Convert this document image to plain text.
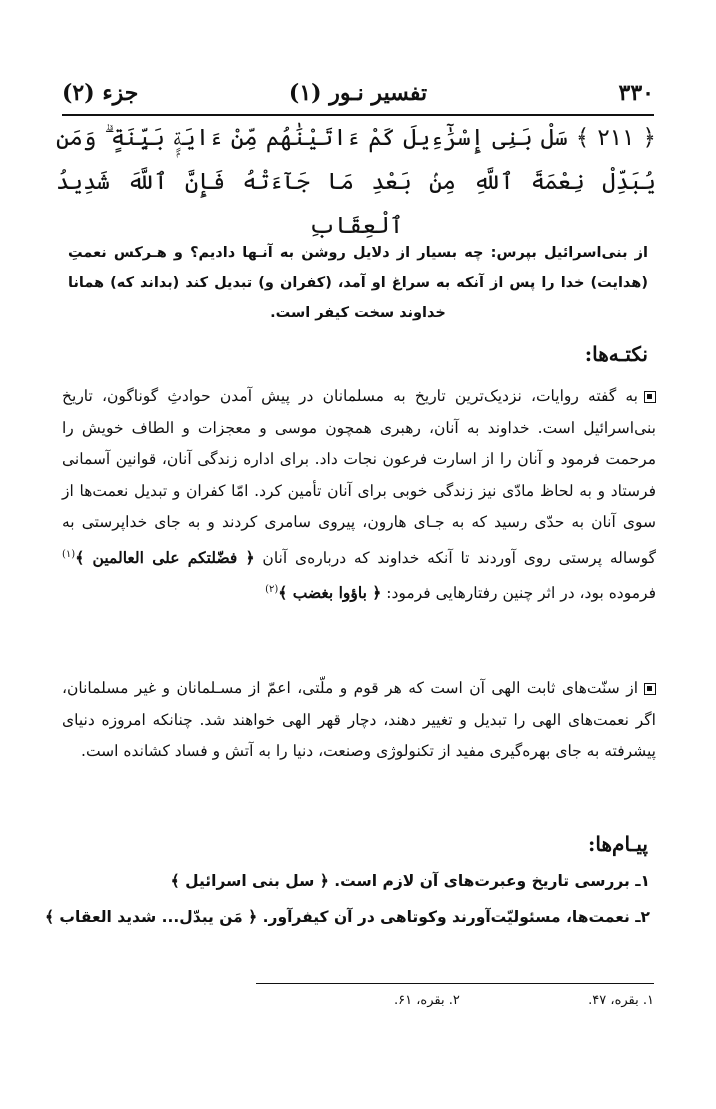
۳۳۰
تفسیر نـور (۱)
جزء (۲)
﴿ ۲۱۱ ﴾ سَلْ بَنِى إِسْرَٰٓءِيلَ كَمْ ءَاتَيْنَٰهُم مِّنْ ءَايَةٍۭ بَيِّنَةٍ ۗ وَمَن يُبَدِّلْ نِعْمَةَ ٱللَّهِ مِنۢ بَعْدِ مَا جَآءَتْهُ فَإِنَّ ٱللَّهَ شَدِيدُ ٱلْعِقَابِ
از بنی‌اسرائیل بپرس: چه بسیار از دلایل روشن به آنـها دادیم؟ و هـرکس نعمتِ (هدایت) خدا را پس از آنکه به سراغ او آمد، (کفران و) تبدیل کند (بداند که) همانا خداوند سخت کیفر است.
نکتـه‌ها:
به گفته روایات، نزدیک‌ترین تاریخ به مسلمانان در پیش آمدن حوادثِ گوناگون، تاریخ بنی‌اسرائیل است. خداوند به آنان، رهبری همچون موسی و معجزات و الطاف خویش را مرحمت فرمود و آنان را از اسارت فرعون نجات داد. برای اداره زندگی آنان، قوانین آسمانی فرستاد و به لحاظ مادّی نیز زندگی خوبی برای آنان تأمین کرد. امّا کفران و تبدیل نعمت‌ها از سوی آنان به حدّی رسید که به جـای هارون، پیروی سامری کردند و به جای خداپرستی به گوساله پرستی روی آوردند تا آنکه خداوند که درباره‌ی آنان ﴿ فضّلتکم علی العالمین ﴾$^{(۱)}$ فرموده بود، در اثر چنین رفتارهایی فرمود: ﴿ باؤوا بغضب ﴾$^{(۲)}$
از سنّت‌های ثابت الهی آن است که هر قوم و ملّتی، اعمّ از مسـلمانان و غیر مسلمانان، اگر نعمت‌های الهی را تبدیل و تغییر دهند، دچار قهر الهی خواهند شد. چنانکه امروزه دنیای پیشرفته به جای بهره‌گیری مفید از تکنولوژی وصنعت، دنیا را به آتش و فساد کشانده است.
پیـام‌ها:
۱ـ بررسی تاریخ وعبرت‌های آن لازم است. ﴿ سل بنی اسرائیل ﴾
۲ـ نعمت‌ها، مسئولیّت‌آورند وکوتاهی در آن کیفرآور. ﴿ مَن یبدّل... شدید العقاب ﴾
۱. بقره، ۴۷.  ۲. بقره، ۶۱.
